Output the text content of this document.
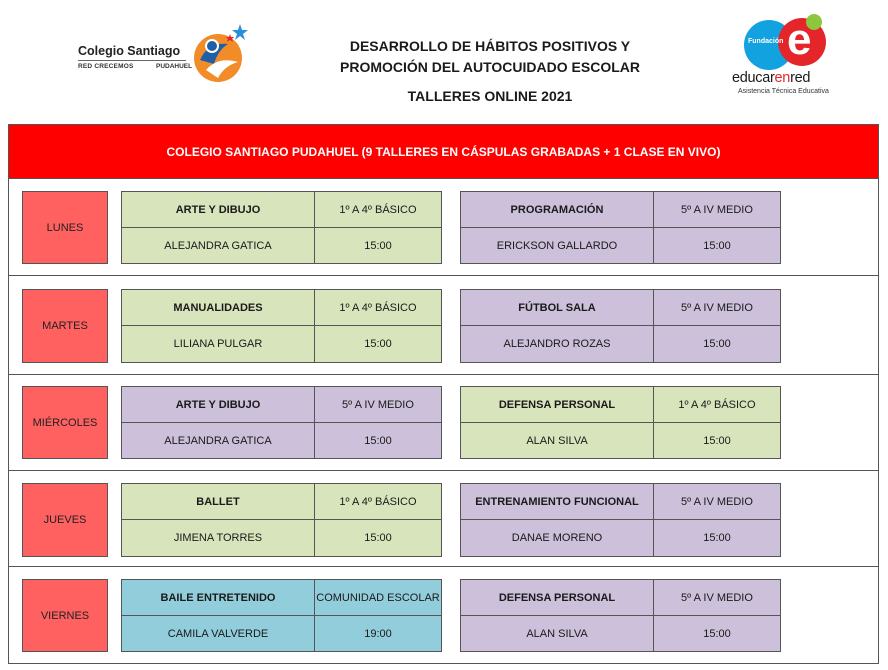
Colegio Santiago
RED CRECEMOS	PUDAHUEL
DESARROLLO DE HÁBITOS POSITIVOS Y
PROMOCIÓN DEL AUTOCUIDADO ESCOLAR
TALLERES ONLINE 2021
Fundación e
educarenred
Asistencia Técnica Educativa
COLEGIO SANTIAGO PUDAHUEL (9 TALLERES EN CÁSPULAS GRABADAS + 1 CLASE EN VIVO)
LUNES
ARTE Y DIBUJO	1º A 4º BÁSICO
ALEJANDRA GATICA	15:00
PROGRAMACIÓN	5º A IV MEDIO
ERICKSON GALLARDO	15:00
MARTES
MANUALIDADES	1º A 4º BÁSICO
LILIANA PULGAR	15:00
FÚTBOL SALA	5º A IV MEDIO
ALEJANDRO ROZAS	15:00
MIÉRCOLES
ARTE Y DIBUJO	5º A IV MEDIO
ALEJANDRA GATICA	15:00
DEFENSA PERSONAL	1º A 4º BÁSICO
ALAN SILVA	15:00
JUEVES
BALLET	1º A 4º BÁSICO
JIMENA TORRES	15:00
ENTRENAMIENTO FUNCIONAL	5º A IV MEDIO
DANAE MORENO	15:00
VIERNES
BAILE ENTRETENIDO	COMUNIDAD ESCOLAR
CAMILA VALVERDE	19:00
DEFENSA PERSONAL	5º A IV MEDIO
ALAN SILVA	15:00
